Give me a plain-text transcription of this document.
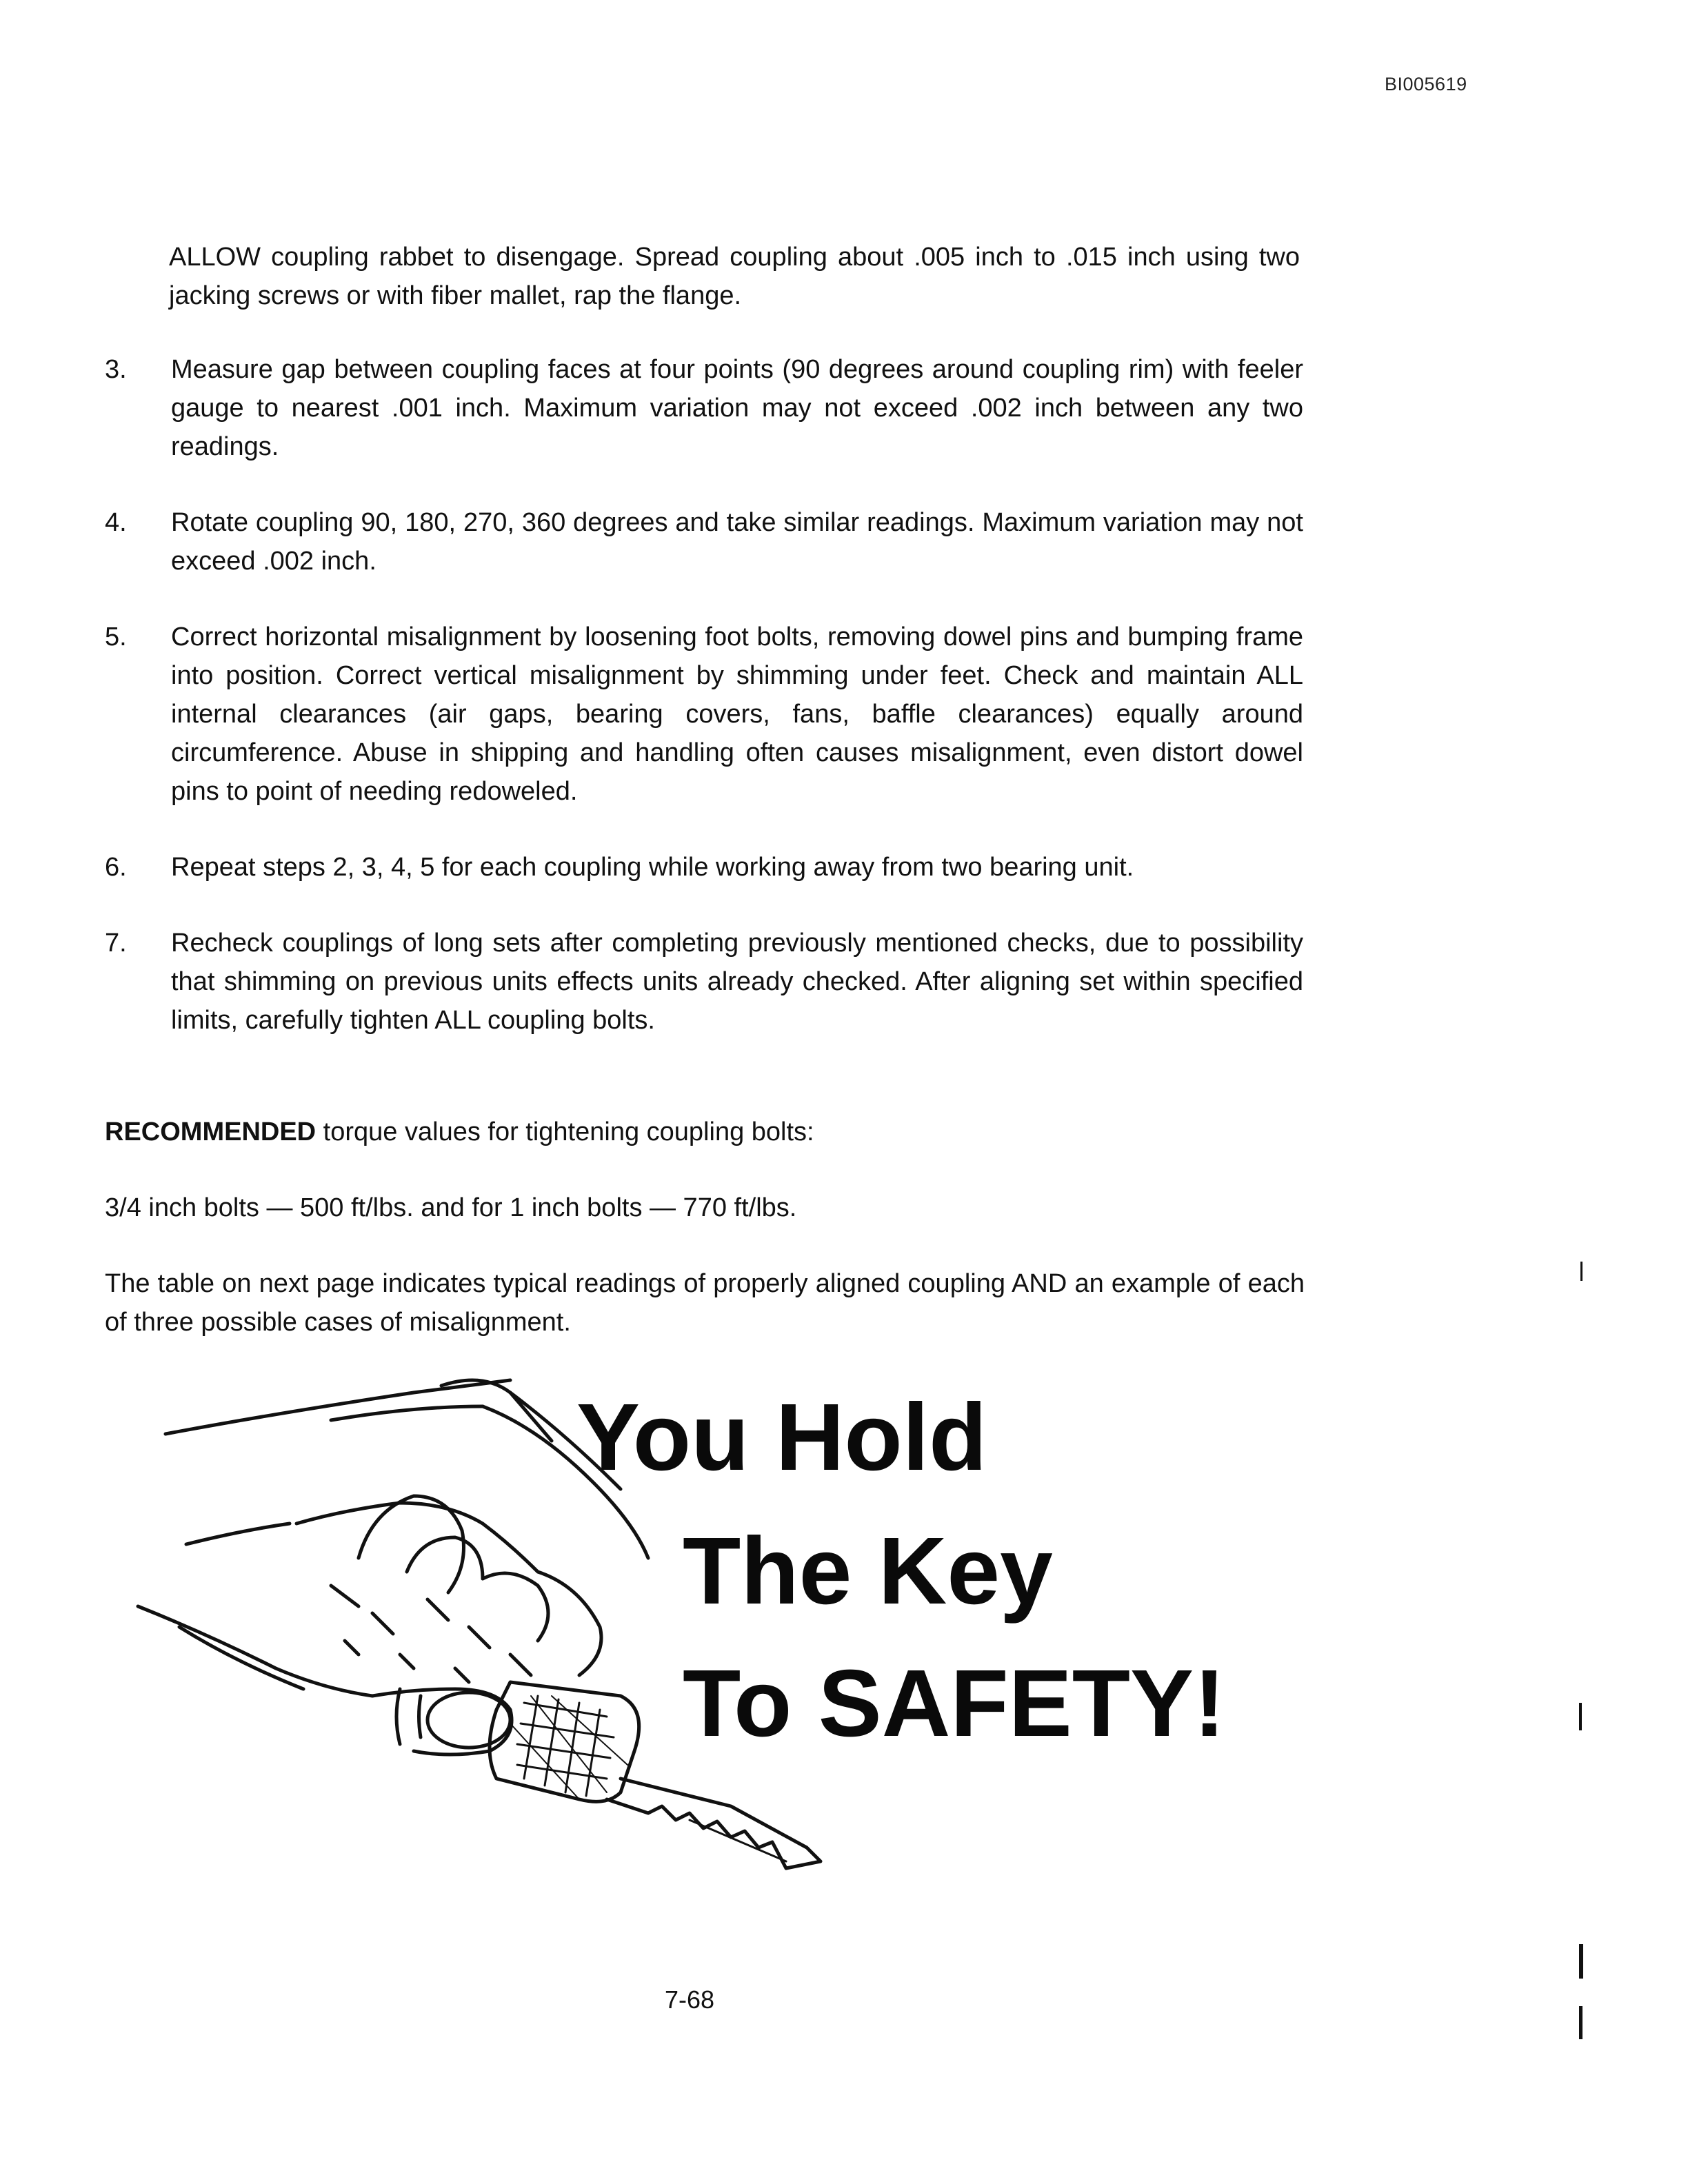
BI005619
ALLOW coupling rabbet to disengage. Spread coupling about .005 inch to .015 inch using two jacking screws or with fiber mallet, rap the flange.
3.	Measure gap between coupling faces at four points (90 degrees around coupling rim) with feeler gauge to nearest .001 inch. Maximum variation may not exceed .002 inch between any two readings.
4.	Rotate coupling 90, 180, 270, 360 degrees and take similar readings. Maximum variation may not exceed .002 inch.
5.	Correct horizontal misalignment by loosening foot bolts, removing dowel pins and bumping frame into position. Correct vertical misalignment by shimming under feet. Check and maintain ALL internal clearances (air gaps, bearing covers, fans, baffle clearances) equally around circumference. Abuse in shipping and handling often causes misalignment, even distort dowel pins to point of needing redoweled.
6.	Repeat steps 2, 3, 4, 5 for each coupling while working away from two bearing unit.
7.	Recheck couplings of long sets after completing previously mentioned checks, due to possibility that shimming on previous units effects units already checked. After aligning set within specified limits, carefully tighten ALL coupling bolts.
RECOMMENDED torque values for tightening coupling bolts:
3/4 inch bolts — 500 ft/lbs. and for 1 inch bolts — 770 ft/lbs.
The table on next page indicates typical readings of properly aligned coupling AND an example of each of three possible cases of misalignment.
You Hold
The Key
To SAFETY!
7-68
